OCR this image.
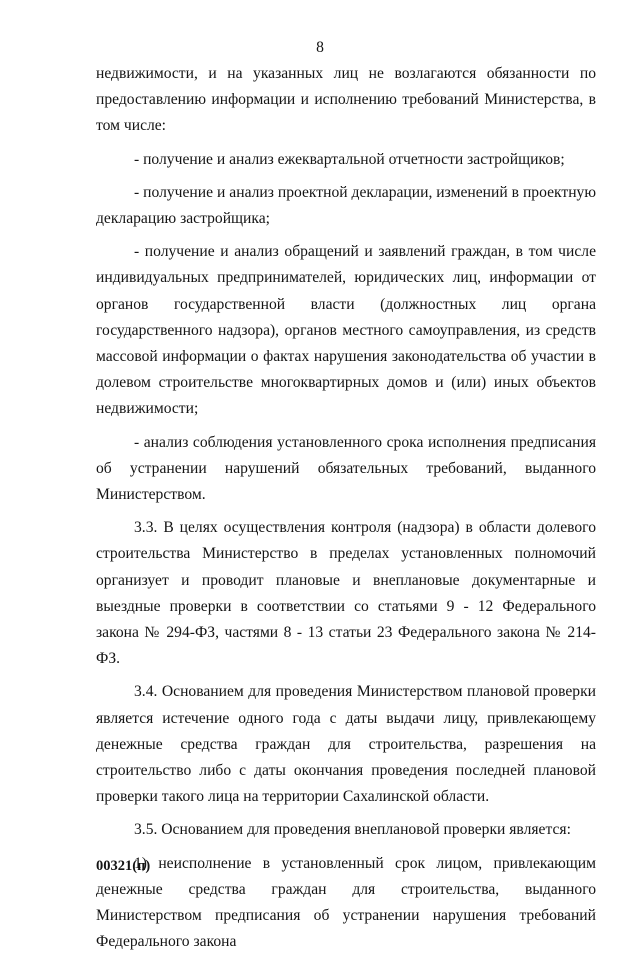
8

недвижимости, и на указанных лиц не возлагаются обязанности по предоставлению информации и исполнению требований Министерства, в том числе:

- получение и анализ ежеквартальной отчетности застройщиков;

- получение и анализ проектной декларации, изменений в проектную декларацию застройщика;

- получение и анализ обращений и заявлений граждан, в том числе индивидуальных предпринимателей, юридических лиц, информации от органов государственной власти (должностных лиц органа государственного надзора), органов местного самоуправления, из средств массовой информации о фактах нарушения законодательства об участии в долевом строительстве многоквартирных домов и (или) иных объектов недвижимости;

- анализ соблюдения установленного срока исполнения предписания об устранении нарушений обязательных требований, выданного Министерством.

3.3. В целях осуществления контроля (надзора) в области долевого строительства Министерство в пределах установленных полномочий организует и проводит плановые и внеплановые документарные и выездные проверки в соответствии со статьями 9 - 12 Федерального закона № 294-ФЗ, частями 8 - 13 статьи 23 Федерального закона № 214-ФЗ.

3.4. Основанием для проведения Министерством плановой проверки является истечение одного года с даты выдачи лицу, привлекающему денежные средства граждан для строительства, разрешения на строительство либо с даты окончания проведения последней плановой проверки такого лица на территории Сахалинской области.

3.5. Основанием для проведения внеплановой проверки является:

1) неисполнение в установленный срок лицом, привлекающим денежные средства граждан для строительства, выданного Министерством предписания об устранении нарушения требований Федерального закона

00321(п)
